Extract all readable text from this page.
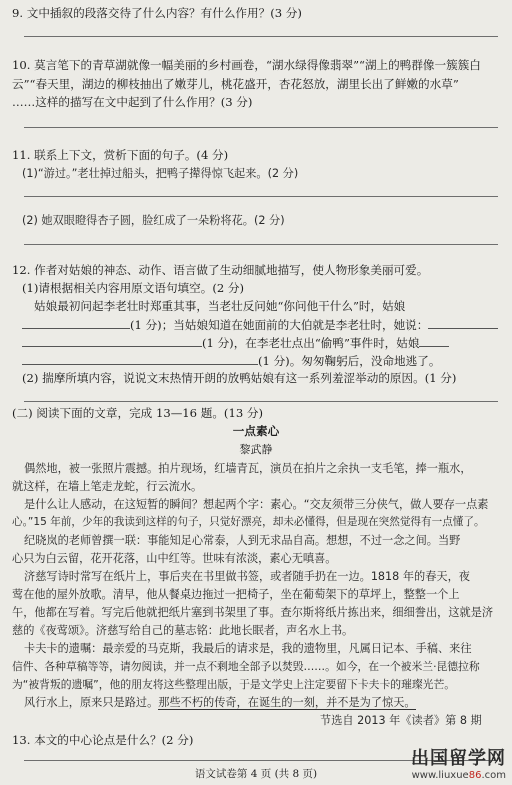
9. 文中插叙的段落交待了什么内容？有什么作用？(3 分)
10. 莫言笔下的青草湖就像一幅美丽的乡村画卷，“湖水绿得像翡翠”“湖上的鸭群像一簇簇白
云”“春天里，湖边的柳枝抽出了嫩芽儿，桃花盛开，杏花怒放，湖里长出了鲜嫩的水草”
……这样的描写在文中起到了什么作用？(3 分)
11. 联系上下文，赏析下面的句子。(4 分)
(1)“游过。”老壮掉过船头，把鸭子撵得惊飞起来。(2 分)
(2) 她双眼瞪得杏子圆，脸红成了一朵粉将花。(2 分)
12. 作者对姑娘的神态、动作、语言做了生动细腻地描写，使人物形象美丽可爱。
(1)请根据相关内容用原文语句填空。(2 分)
姑娘最初问起李老壮时郑重其事，当老壮反问她“你问他干什么”时，姑娘
(1 分)；当姑娘知道在她面前的大伯就是李老壮时，她说：
(1 分)，在李老壮点出“偷鸭”事件时，姑娘
(1 分)。匆匆鞠躬后，没命地逃了。
(2) 揣摩所填内容，说说文末热情开朗的放鸭姑娘有这一系列羞涩举动的原因。(1 分)
(二) 阅读下面的文章，完成 13—16 题。(13 分)
一点素心
黎武静
偶然地，被一张照片震撼。拍片现场，红墙青瓦，演员在拍片之余执一支毛笔，捧一瓶水，
就这样，在墙上笔走龙蛇，行云流水。
是什么让人感动，在这短暂的瞬间？想起两个字：素心。“交友须带三分侠气，做人要存一点素
心。”15 年前，少年的我读到这样的句子，只觉好漂亮，却未必懂得，但是现在突然觉得有一点懂了。
纪晓岚的老师曾撰一联：事能知足心常泰，人到无求品自高。想想，不过一念之间。当野
心只为白云留，花开花落，山中红等。世味有浓淡，素心无嗔喜。
济慈写诗时常写在纸片上，事后夹在书里做书签，或者随手扔在一边。1818 年的春天，夜
莺在他的屋外放歌。清早，他从餐桌边拖过一把椅子，坐在葡萄架下的草坪上，整整一个上
午，他都在写着。写完后他就把纸片塞到书架里了事。查尔斯将纸片拣出来，细细誊出，这就是济
慈的《夜莺颂》。济慈写给自己的墓志铭：此地长眠者，声名水上书。
卡夫卡的遗嘱：最亲爱的马克斯，我最后的请求是，我的遗物里，凡属日记本、手稿、来往
信件、各种草稿等等，请勿阅读，并一点不剩地全部予以焚毁……。如今，在一个被米兰·昆德拉称
为“被背叛的遗嘱”，他的朋友将这些整理出版，于是文学史上注定要留下卡夫卡的璀璨光芒。
风行水上，原来只是路过。那些不朽的传奇，在诞生的一刻，并不是为了惊天。
节选自 2013 年《读者》第 8 期
13. 本文的中心论点是什么？(2 分)
语文试卷第 4 页 (共 8 页)
出国留学网
www.liuxue86.com
